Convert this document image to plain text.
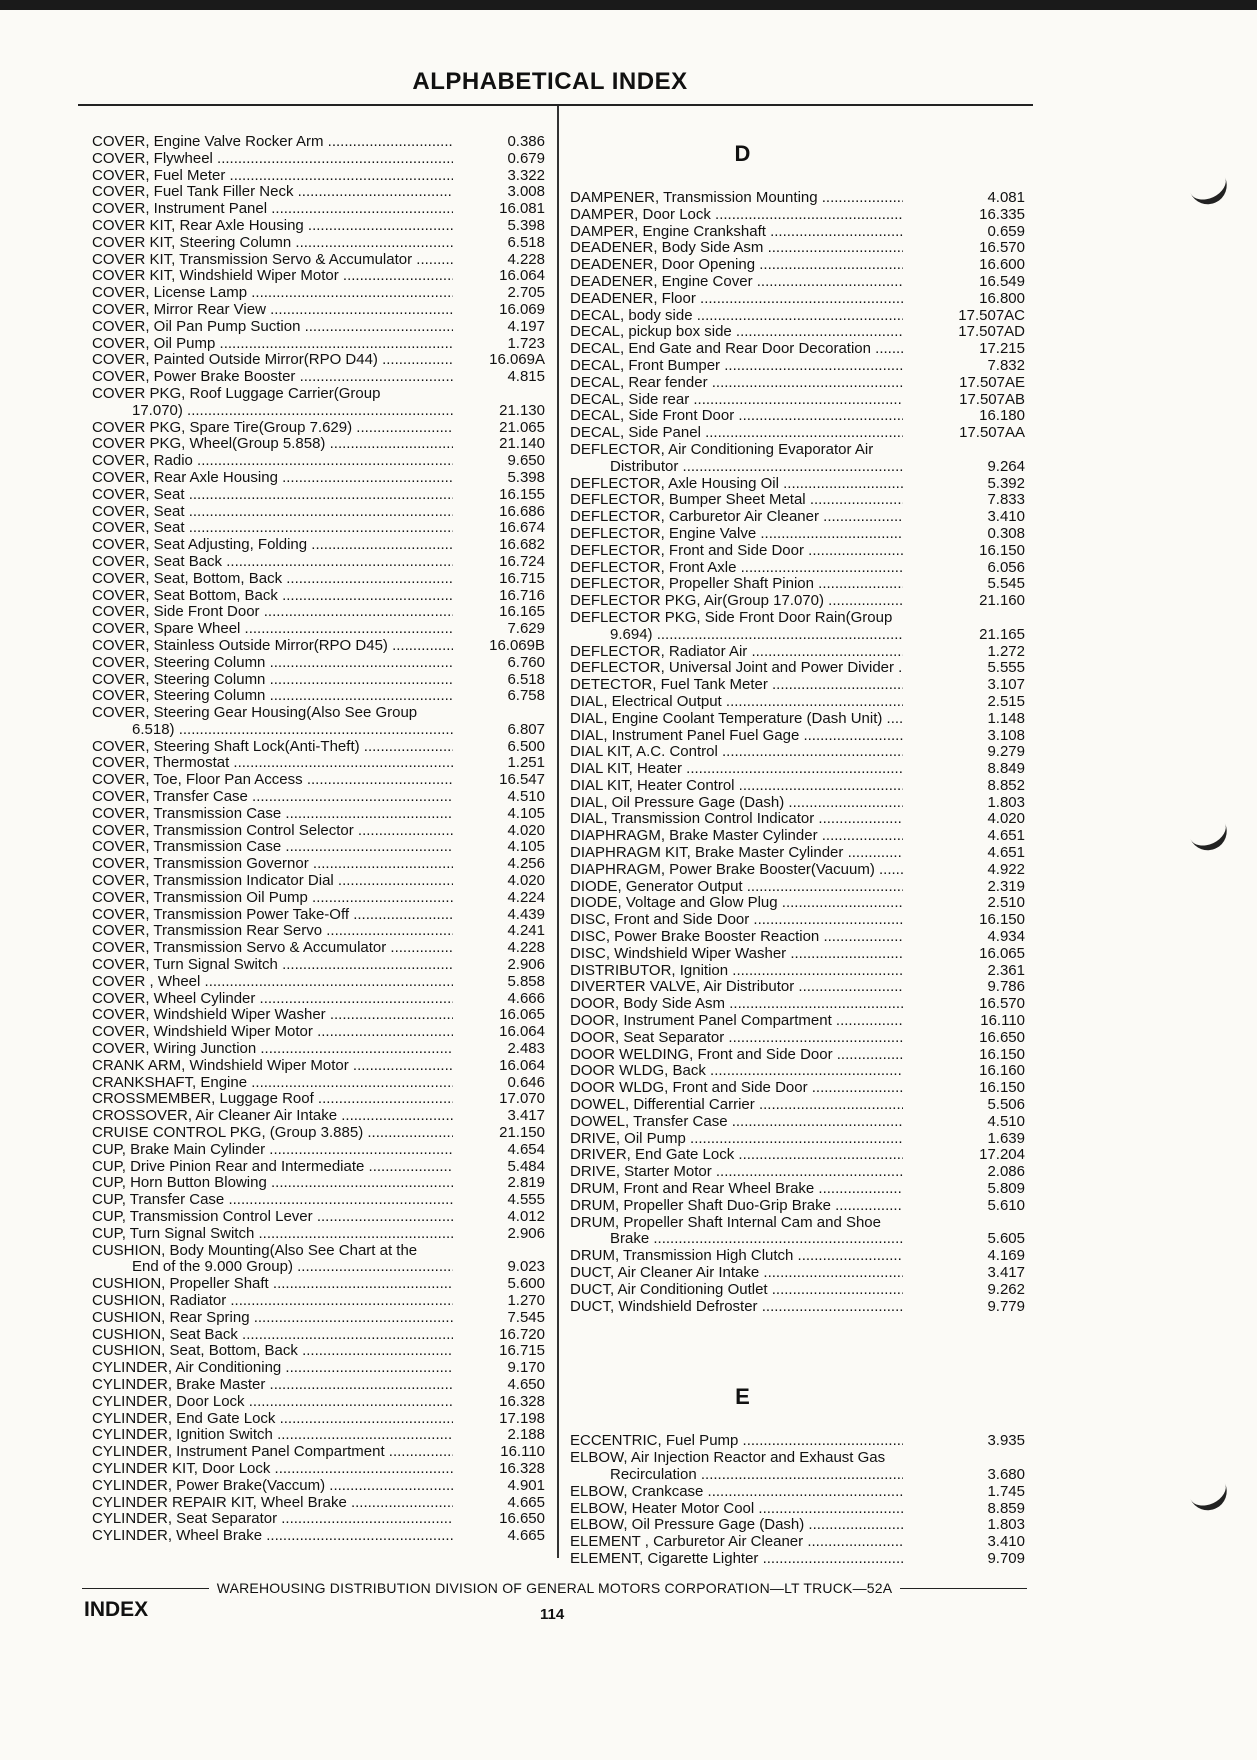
ALPHABETICAL INDEX
COVER, Engine Valve Rocker Arm .....	0.386
COVER, Flywheel .....	0.679
COVER, Fuel Meter .....	3.322
COVER, Fuel Tank Filler Neck .....	3.008
COVER, Instrument Panel .....	16.081
COVER KIT, Rear Axle Housing .....	5.398
COVER KIT, Steering Column .....	6.518
COVER KIT, Transmission Servo & Accumulator .....	4.228
COVER KIT, Windshield Wiper Motor .....	16.064
COVER, License Lamp .....	2.705
COVER, Mirror Rear View .....	16.069
COVER, Oil Pan Pump Suction .....	4.197
COVER, Oil Pump .....	1.723
COVER, Painted Outside Mirror(RPO D44) .....	16.069A
COVER, Power Brake Booster .....	4.815
COVER PKG, Roof Luggage Carrier(Group
17.070) .....	21.130
COVER PKG, Spare Tire(Group 7.629) .....	21.065
COVER PKG, Wheel(Group 5.858) .....	21.140
COVER, Radio .....	9.650
COVER, Rear Axle Housing .....	5.398
COVER, Seat .....	16.155
COVER, Seat .....	16.686
COVER, Seat .....	16.674
COVER, Seat Adjusting, Folding .....	16.682
COVER, Seat Back .....	16.724
COVER, Seat, Bottom, Back .....	16.715
COVER, Seat Bottom, Back .....	16.716
COVER, Side Front Door .....	16.165
COVER, Spare Wheel .....	7.629
COVER, Stainless Outside Mirror(RPO D45) .....	16.069B
COVER, Steering Column .....	6.760
COVER, Steering Column .....	6.518
COVER, Steering Column .....	6.758
COVER, Steering Gear Housing(Also See Group
6.518) .....	6.807
COVER, Steering Shaft Lock(Anti-Theft) .....	6.500
COVER, Thermostat .....	1.251
COVER, Toe, Floor Pan Access .....	16.547
COVER, Transfer Case .....	4.510
COVER, Transmission Case .....	4.105
COVER, Transmission Control Selector .....	4.020
COVER, Transmission Case .....	4.105
COVER, Transmission Governor .....	4.256
COVER, Transmission Indicator Dial .....	4.020
COVER, Transmission Oil Pump .....	4.224
COVER, Transmission Power Take-Off .....	4.439
COVER, Transmission Rear Servo .....	4.241
COVER, Transmission Servo & Accumulator .....	4.228
COVER, Turn Signal Switch .....	2.906
COVER , Wheel .....	5.858
COVER, Wheel Cylinder .....	4.666
COVER, Windshield Wiper Washer .....	16.065
COVER, Windshield Wiper Motor .....	16.064
COVER, Wiring Junction .....	2.483
CRANK ARM, Windshield Wiper Motor .....	16.064
CRANKSHAFT, Engine .....	0.646
CROSSMEMBER, Luggage Roof .....	17.070
CROSSOVER, Air Cleaner Air Intake .....	3.417
CRUISE CONTROL PKG, (Group 3.885) .....	21.150
CUP, Brake Main Cylinder .....	4.654
CUP, Drive Pinion Rear and Intermediate .....	5.484
CUP, Horn Button Blowing .....	2.819
CUP, Transfer Case .....	4.555
CUP, Transmission Control Lever .....	4.012
CUP, Turn Signal Switch .....	2.906
CUSHION, Body Mounting(Also See Chart at the
End of the 9.000 Group) .....	9.023
CUSHION, Propeller Shaft .....	5.600
CUSHION, Radiator .....	1.270
CUSHION, Rear Spring .....	7.545
CUSHION, Seat Back .....	16.720
CUSHION, Seat, Bottom, Back .....	16.715
CYLINDER, Air Conditioning .....	9.170
CYLINDER, Brake Master .....	4.650
CYLINDER, Door Lock .....	16.328
CYLINDER, End Gate Lock .....	17.198
CYLINDER, Ignition Switch .....	2.188
CYLINDER, Instrument Panel Compartment .....	16.110
CYLINDER KIT, Door Lock .....	16.328
CYLINDER, Power Brake(Vaccum) .....	4.901
CYLINDER REPAIR KIT, Wheel Brake .....	4.665
CYLINDER, Seat Separator .....	16.650
CYLINDER, Wheel Brake .....	4.665
D
DAMPENER, Transmission Mounting .....	4.081
DAMPER, Door Lock .....	16.335
DAMPER, Engine Crankshaft .....	0.659
DEADENER, Body Side Asm .....	16.570
DEADENER, Door Opening .....	16.600
DEADENER, Engine Cover .....	16.549
DEADENER, Floor .....	16.800
DECAL, body side .....	17.507AC
DECAL, pickup box side .....	17.507AD
DECAL, End Gate and Rear Door Decoration .....	17.215
DECAL, Front Bumper .....	7.832
DECAL, Rear fender .....	17.507AE
DECAL, Side rear .....	17.507AB
DECAL, Side Front Door .....	16.180
DECAL, Side Panel .....	17.507AA
DEFLECTOR, Air Conditioning Evaporator Air
Distributor .....	9.264
DEFLECTOR, Axle Housing Oil .....	5.392
DEFLECTOR, Bumper Sheet Metal .....	7.833
DEFLECTOR, Carburetor Air Cleaner .....	3.410
DEFLECTOR, Engine Valve .....	0.308
DEFLECTOR, Front and Side Door .....	16.150
DEFLECTOR, Front Axle .....	6.056
DEFLECTOR, Propeller Shaft Pinion .....	5.545
DEFLECTOR PKG, Air(Group 17.070) .....	21.160
DEFLECTOR PKG, Side Front Door Rain(Group
9.694) .....	21.165
DEFLECTOR, Radiator Air .....	1.272
DEFLECTOR, Universal Joint and Power Divider .....	5.555
DETECTOR, Fuel Tank Meter .....	3.107
DIAL, Electrical Output .....	2.515
DIAL, Engine Coolant Temperature (Dash Unit) .....	1.148
DIAL, Instrument Panel Fuel Gage .....	3.108
DIAL KIT, A.C. Control .....	9.279
DIAL KIT, Heater .....	8.849
DIAL KIT, Heater Control .....	8.852
DIAL, Oil Pressure Gage (Dash) .....	1.803
DIAL, Transmission Control Indicator .....	4.020
DIAPHRAGM, Brake Master Cylinder .....	4.651
DIAPHRAGM KIT, Brake Master Cylinder .....	4.651
DIAPHRAGM, Power Brake Booster(Vacuum) .....	4.922
DIODE, Generator Output .....	2.319
DIODE, Voltage and Glow Plug .....	2.510
DISC, Front and Side Door .....	16.150
DISC, Power Brake Booster Reaction .....	4.934
DISC, Windshield Wiper Washer .....	16.065
DISTRIBUTOR, Ignition .....	2.361
DIVERTER VALVE, Air Distributor .....	9.786
DOOR, Body Side Asm .....	16.570
DOOR, Instrument Panel Compartment .....	16.110
DOOR, Seat Separator .....	16.650
DOOR WELDING, Front and Side Door .....	16.150
DOOR WLDG, Back .....	16.160
DOOR WLDG, Front and Side Door .....	16.150
DOWEL, Differential Carrier .....	5.506
DOWEL, Transfer Case .....	4.510
DRIVE, Oil Pump .....	1.639
DRIVER, End Gate Lock .....	17.204
DRIVE, Starter Motor .....	2.086
DRUM, Front and Rear Wheel Brake .....	5.809
DRUM, Propeller Shaft Duo-Grip Brake .....	5.610
DRUM, Propeller Shaft Internal Cam and Shoe
Brake .....	5.605
DRUM, Transmission High Clutch .....	4.169
DUCT, Air Cleaner Air Intake .....	3.417
DUCT, Air Conditioning Outlet .....	9.262
DUCT, Windshield Defroster .....	9.779
E
ECCENTRIC, Fuel Pump .....	3.935
ELBOW, Air Injection Reactor and Exhaust Gas
Recirculation .....	3.680
ELBOW, Crankcase .....	1.745
ELBOW, Heater Motor Cool .....	8.859
ELBOW, Oil Pressure Gage (Dash) .....	1.803
ELEMENT , Carburetor Air Cleaner .....	3.410
ELEMENT, Cigarette Lighter .....	9.709
WAREHOUSING DISTRIBUTION DIVISION OF GENERAL MOTORS CORPORATION—LT TRUCK—52A
INDEX	114
